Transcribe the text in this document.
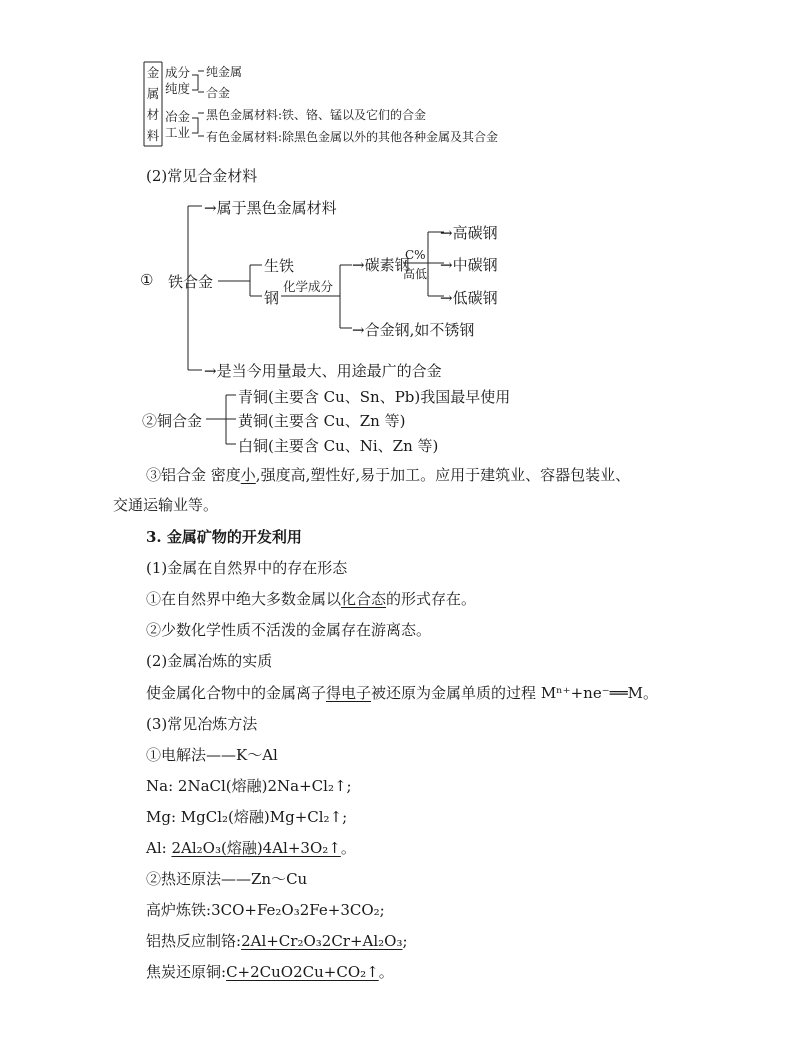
金
属
材
料
成分
纯度
纯金属
合金
冶金
工业
黑色金属材料:铁、铬、锰以及它们的合金
有色金属材料:除黑色金属以外的其他各种金属及其合金
(2)常见合金材料
① 铁合金
→属于黑色金属材料
生铁
钢
化学成分
→碳素钢
C%
高低
→高碳钢
→中碳钢
→低碳钢
→合金钢,如不锈钢
→是当今用量最大、用途最广的合金
②铜合金
青铜(主要含 Cu、Sn、Pb)我国最早使用
黄铜(主要含 Cu、Zn 等)
白铜(主要含 Cu、Ni、Zn 等)
③铝合金 密度小,强度高,塑性好,易于加工。应用于建筑业、容器包装业、
交通运输业等。
3. 金属矿物的开发利用
(1)金属在自然界中的存在形态
①在自然界中绝大多数金属以化合态的形式存在。
②少数化学性质不活泼的金属存在游离态。
(2)金属冶炼的实质
使金属化合物中的金属离子得电子被还原为金属单质的过程 Mⁿ⁺+ne⁻══M。
(3)常见冶炼方法
①电解法——K～Al
Na: 2NaCl(熔融)2Na+Cl₂↑;
Mg: MgCl₂(熔融)Mg+Cl₂↑;
Al: 2Al₂O₃(熔融)4Al+3O₂↑。
②热还原法——Zn～Cu
高炉炼铁:3CO+Fe₂O₃2Fe+3CO₂;
铝热反应制铬:2Al+Cr₂O₃2Cr+Al₂O₃;
焦炭还原铜:C+2CuO2Cu+CO₂↑。
